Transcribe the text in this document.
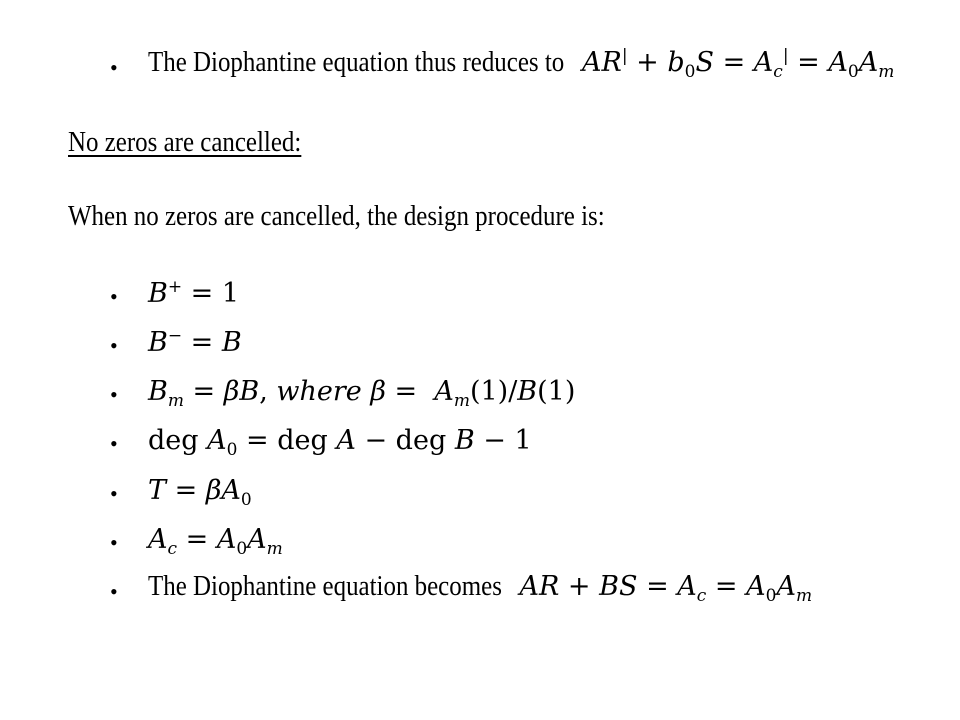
• The Diophantine equation thus reduces to $AR^| + b_0S = A_c^| = A_0A_m$
No zeros are cancelled:
When no zeros are cancelled, the design procedure is:
• B+ = 1
• B− = B
• $B_m = \beta B$, where $\beta = A_m(1)/B(1)$
• deg $A_0$ = deg A − deg B − 1
• $T = \beta A_0$
• $A_c = A_0A_m$
• The Diophantine equation becomes AR + BS = $A_c = A_0A_m$
